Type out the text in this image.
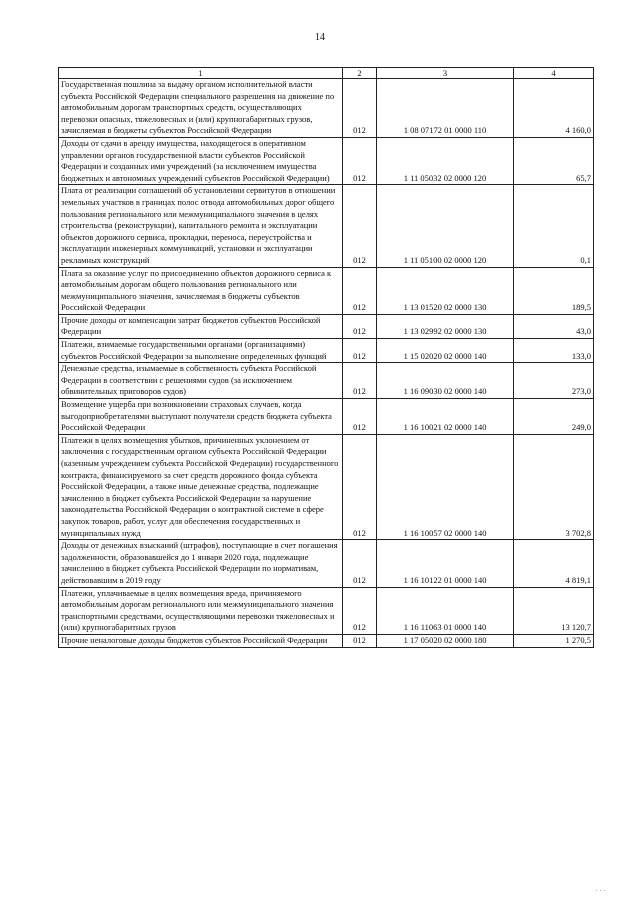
14
1	2	3	4
Государственная пошлина за выдачу органом исполнительной власти субъекта Российской Федерации специального разрешения на движение по автомобильным дорогам транспортных средств, осуществляющих перевозки опасных, тяжеловесных и (или) крупногабаритных грузов, зачисляемая в бюджеты субъектов Российской Федерации	012	1 08 07172 01 0000 110	4 160,0
Доходы от сдачи в аренду имущества, находящегося в оперативном управлении органов государственной власти субъектов Российской Федерации и созданных ими учреждений (за исключением имущества бюджетных и автономных учреждений субъектов Российской Федерации)	012	1 11 05032 02 0000 120	65,7
Плата от реализации соглашений об установлении сервитутов в отношении земельных участков в границах полос отвода автомобильных дорог общего пользования регионального или межмуниципального значения в целях строительства (реконструкции), капитального ремонта и эксплуатации объектов дорожного сервиса, прокладки, переноса, переустройства и эксплуатации инженерных коммуникаций, установки и эксплуатации рекламных конструкций	012	1 11 05100 02 0000 120	0,1
Плата за оказание услуг по присоединению объектов дорожного сервиса к автомобильным дорогам общего пользования регионального или межмуниципального значения, зачисляемая в бюджеты субъектов Российской Федерации	012	1 13 01520 02 0000 130	189,5
Прочие доходы от компенсации затрат бюджетов субъектов Российской Федерации	012	1 13 02992 02 0000 130	43,0
Платежи, взимаемые государственными органами (организациями) субъектов Российской Федерации за выполнение определенных функций	012	1 15 02020 02 0000 140	133,0
Денежные средства, изымаемые в собственность субъекта Российской Федерации в соответствии с решениями судов (за исключением обвинительных приговоров судов)	012	1 16 09030 02 0000 140	273,0
Возмещение ущерба при возникновении страховых случаев, когда выгодоприобретателями выступают получатели средств бюджета субъекта Российской Федерации	012	1 16 10021 02 0000 140	249,0
Платежи в целях возмещения убытков, причиненных уклонением от заключения с государственным органом субъекта Российской Федерации (казенным учреждением субъекта Российской Федерации) государственного контракта, финансируемого за счет средств дорожного фонда субъекта Российской Федерации, а также иные денежные средства, подлежащие зачислению в бюджет субъекта Российской Федерации за нарушение законодательства Российской Федерации о контрактной системе в сфере закупок товаров, работ, услуг для обеспечения государственных и муниципальных нужд	012	1 16 10057 02 0000 140	3 702,8
Доходы от денежных взысканий (штрафов), поступающие в счет погашения задолженности, образовавшейся до 1 января 2020 года, подлежащие зачислению в бюджет субъекта Российской Федерации по нормативам, действовавшим в 2019 году	012	1 16 10122 01 0000 140	4 819,1
Платежи, уплачиваемые в целях возмещения вреда, причиняемого автомобильным дорогам регионального или межмуниципального значения транспортными средствами, осуществляющими перевозки тяжеловесных и (или) крупногабаритных грузов	012	1 16 11063 01 0000 140	13 120,7
Прочие неналоговые доходы бюджетов субъектов Российской Федерации	012	1 17 05020 02 0000 180	1 270,5
· · ·
